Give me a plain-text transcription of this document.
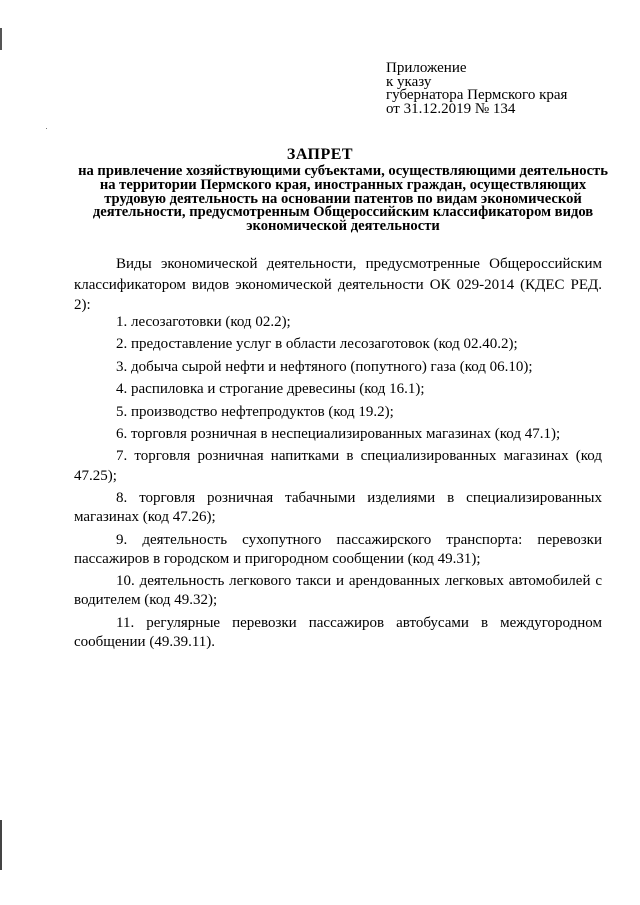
Приложение
к указу
губернатора Пермского края
от 31.12.2019 № 134
ЗАПРЕТ
на привлечение хозяйствующими субъектами, осуществляющими деятельность на территории Пермского края, иностранных граждан, осуществляющих трудовую деятельность на основании патентов по видам экономической деятельности, предусмотренным Общероссийским классификатором видов экономической деятельности
Виды экономической деятельности, предусмотренные Общероссийским классификатором видов экономической деятельности ОК 029-2014 (КДЕС РЕД. 2):
1. лесозаготовки (код 02.2);
2. предоставление услуг в области лесозаготовок (код 02.40.2);
3. добыча сырой нефти и нефтяного (попутного) газа (код 06.10);
4. распиловка и строгание древесины (код 16.1);
5. производство нефтепродуктов (код 19.2);
6. торговля розничная в неспециализированных магазинах (код 47.1);
7. торговля розничная напитками в специализированных магазинах (код 47.25);
8. торговля розничная табачными изделиями в специализированных магазинах (код 47.26);
9. деятельность сухопутного пассажирского транспорта: перевозки пассажиров в городском и пригородном сообщении (код 49.31);
10. деятельность легкового такси и арендованных легковых автомобилей с водителем (код 49.32);
11. регулярные перевозки пассажиров автобусами в междугородном сообщении (49.39.11).
